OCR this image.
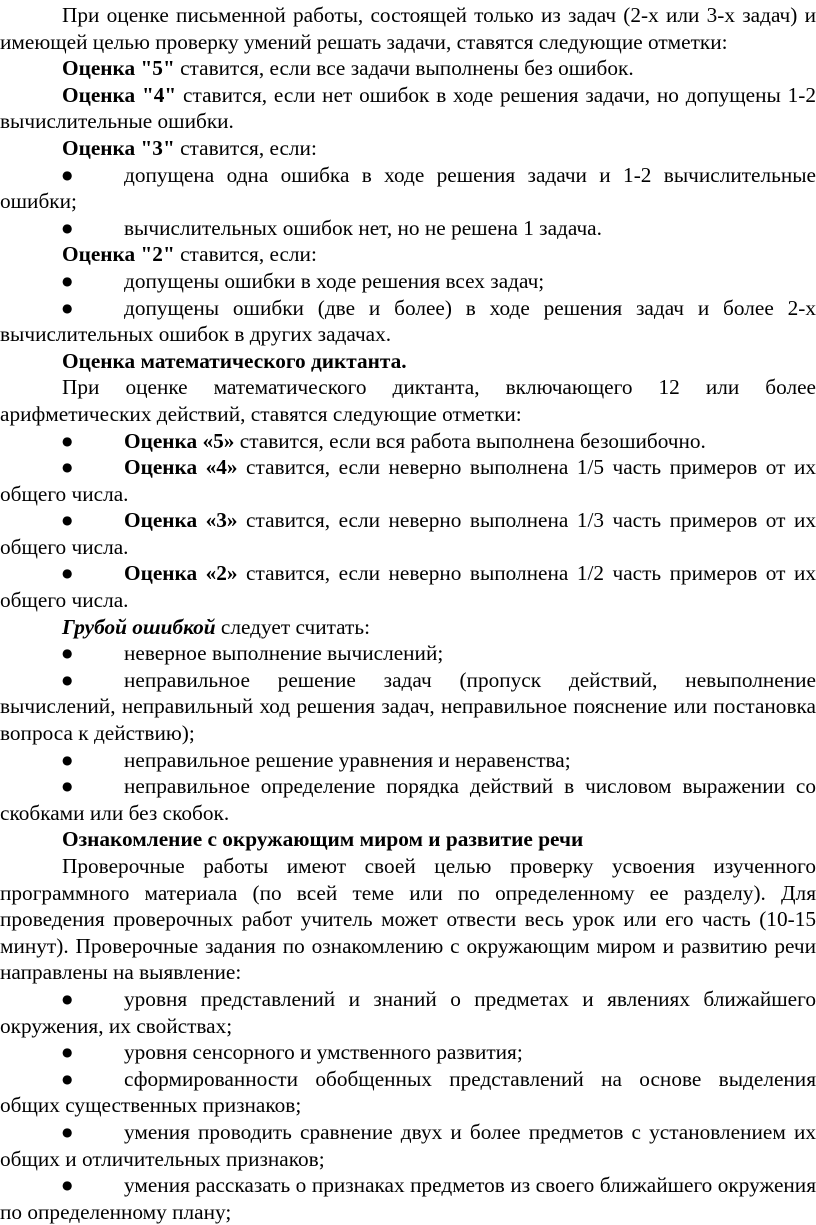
При оценке письменной работы, состоящей только из задач (2-х или 3-х задач) и имеющей целью проверку умений решать задачи, ставятся следующие отметки:

Оценка "5" ставится, если все задачи выполнены без ошибок.

Оценка "4" ставится, если нет ошибок в ходе решения задачи, но допущены 1-2 вычислительные ошибки.

Оценка "3" ставится, если:

● допущена одна ошибка в ходе решения задачи и 1-2 вычислительные ошибки;

● вычислительных ошибок нет, но не решена 1 задача.

Оценка "2" ставится, если:

● допущены ошибки в ходе решения всех задач;

● допущены ошибки (две и более) в ходе решения задач и более 2-х вычислительных ошибок в других задачах.

Оценка математического диктанта.

При оценке математического диктанта, включающего 12 или более арифметических действий, ставятся следующие отметки:

● Оценка «5» ставится, если вся работа выполнена безошибочно.

● Оценка «4» ставится, если неверно выполнена 1/5 часть примеров от их общего числа.

● Оценка «3» ставится, если неверно выполнена 1/3 часть примеров от их общего числа.

● Оценка «2» ставится, если неверно выполнена 1/2 часть примеров от их общего числа.

Грубой ошибкой следует считать:

● неверное выполнение вычислений;

● неправильное решение задач (пропуск действий, невыполнение вычислений, неправильный ход решения задач, неправильное пояснение или постановка вопроса к действию);

● неправильное решение уравнения и неравенства;

● неправильное определение порядка действий в числовом выражении со скобками или без скобок.

Ознакомление с окружающим миром и развитие речи

Проверочные работы имеют своей целью проверку усвоения изученного программного материала (по всей теме или по определенному ее разделу). Для проведения проверочных работ учитель может отвести весь урок или его часть (10-15 минут). Проверочные задания по ознакомлению с окружающим миром и развитию речи направлены на выявление:

● уровня представлений и знаний о предметах и явлениях ближайшего окружения, их свойствах;

● уровня сенсорного и умственного развития;

● сформированности обобщенных представлений на основе выделения общих существенных признаков;

● умения проводить сравнение двух и более предметов с установлением их общих и отличительных признаков;

● умения рассказать о признаках предметов из своего ближайшего окружения по определенному плану;
